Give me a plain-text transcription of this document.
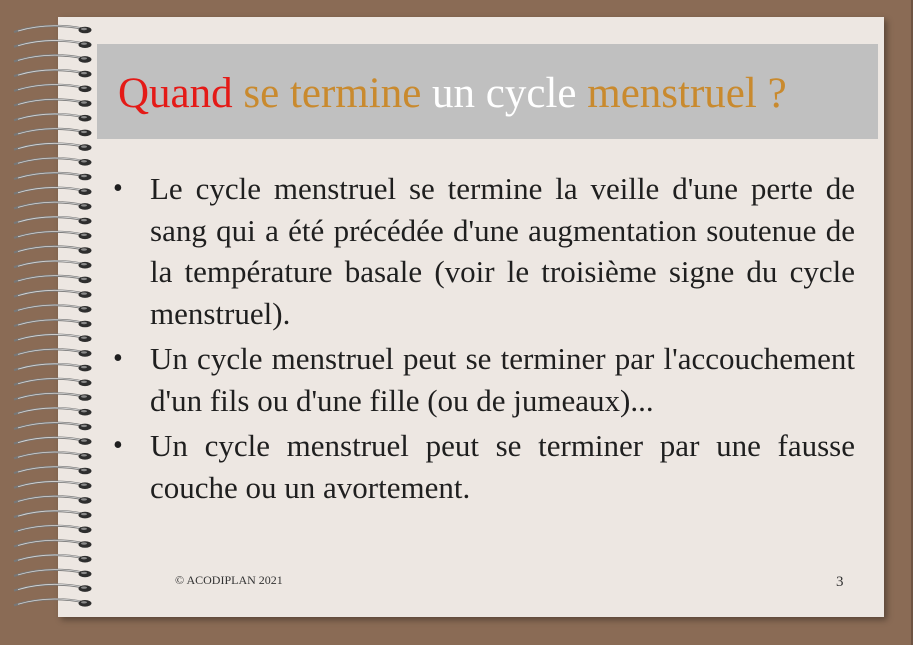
Quand se termine un cycle menstruel ?
• Le cycle menstruel se termine la veille d'une perte de sang qui a été précédée d'une augmentation soutenue de la température basale (voir le troisième signe du cycle menstruel).
• Un cycle menstruel peut se terminer par l'accouchement d'un fils ou d'une fille (ou de jumeaux)...
• Un cycle menstruel peut se terminer par une fausse couche ou un avortement.
© ACODIPLAN 2021	3
